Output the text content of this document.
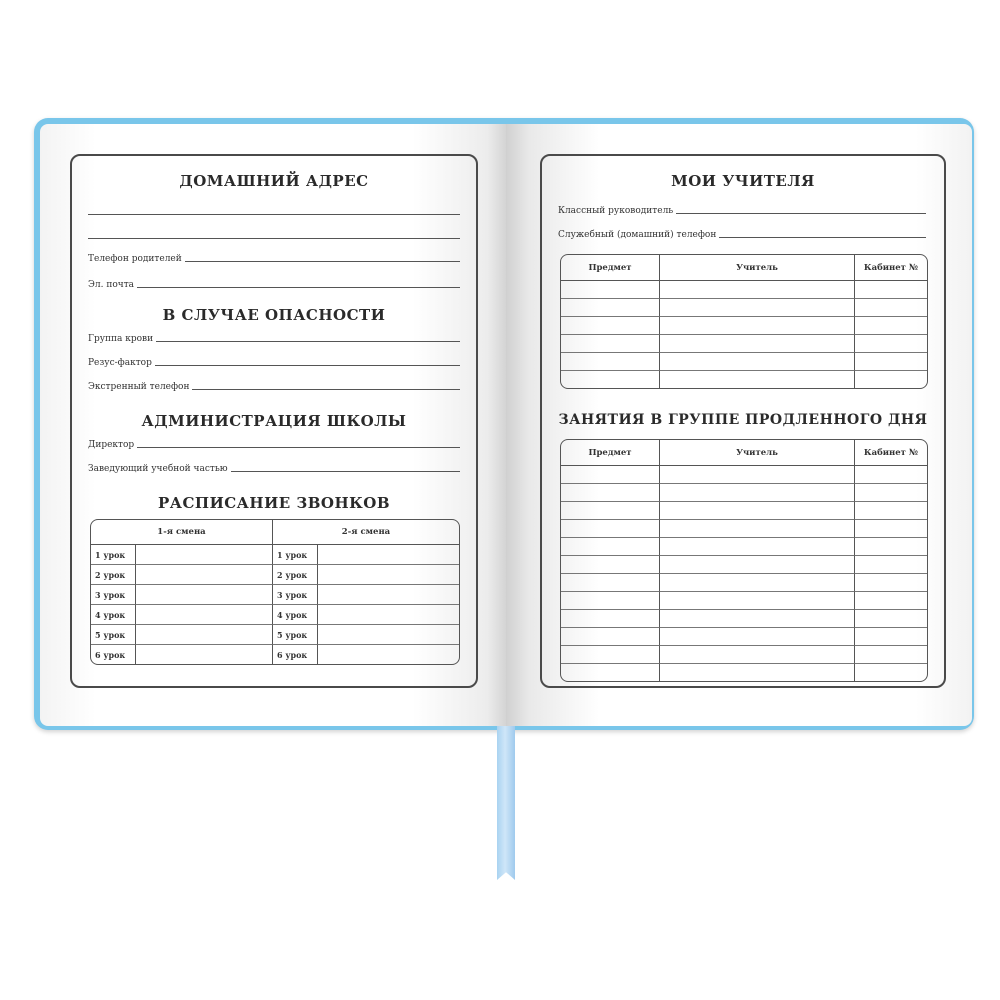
ДОМАШНИЙ АДРЕС
Телефон родителей
Эл. почта
В СЛУЧАЕ ОПАСНОСТИ
Группа крови
Резус-фактор
Экстренный телефон
АДМИНИСТРАЦИЯ ШКОЛЫ
Директор
Заведующий учебной частью
РАСПИСАНИЕ ЗВОНКОВ
1-я смена		2-я смена	
1 урок		1 урок	
2 урок		2 урок	
3 урок		3 урок	
4 урок		4 урок	
5 урок		5 урок	
6 урок		6 урок	
МОИ УЧИТЕЛЯ
Классный руководитель
Служебный (домашний) телефон
Предмет	Учитель	Кабинет №

ЗАНЯТИЯ В ГРУППЕ ПРОДЛЕННОГО ДНЯ
Предмет	Учитель	Кабинет №
